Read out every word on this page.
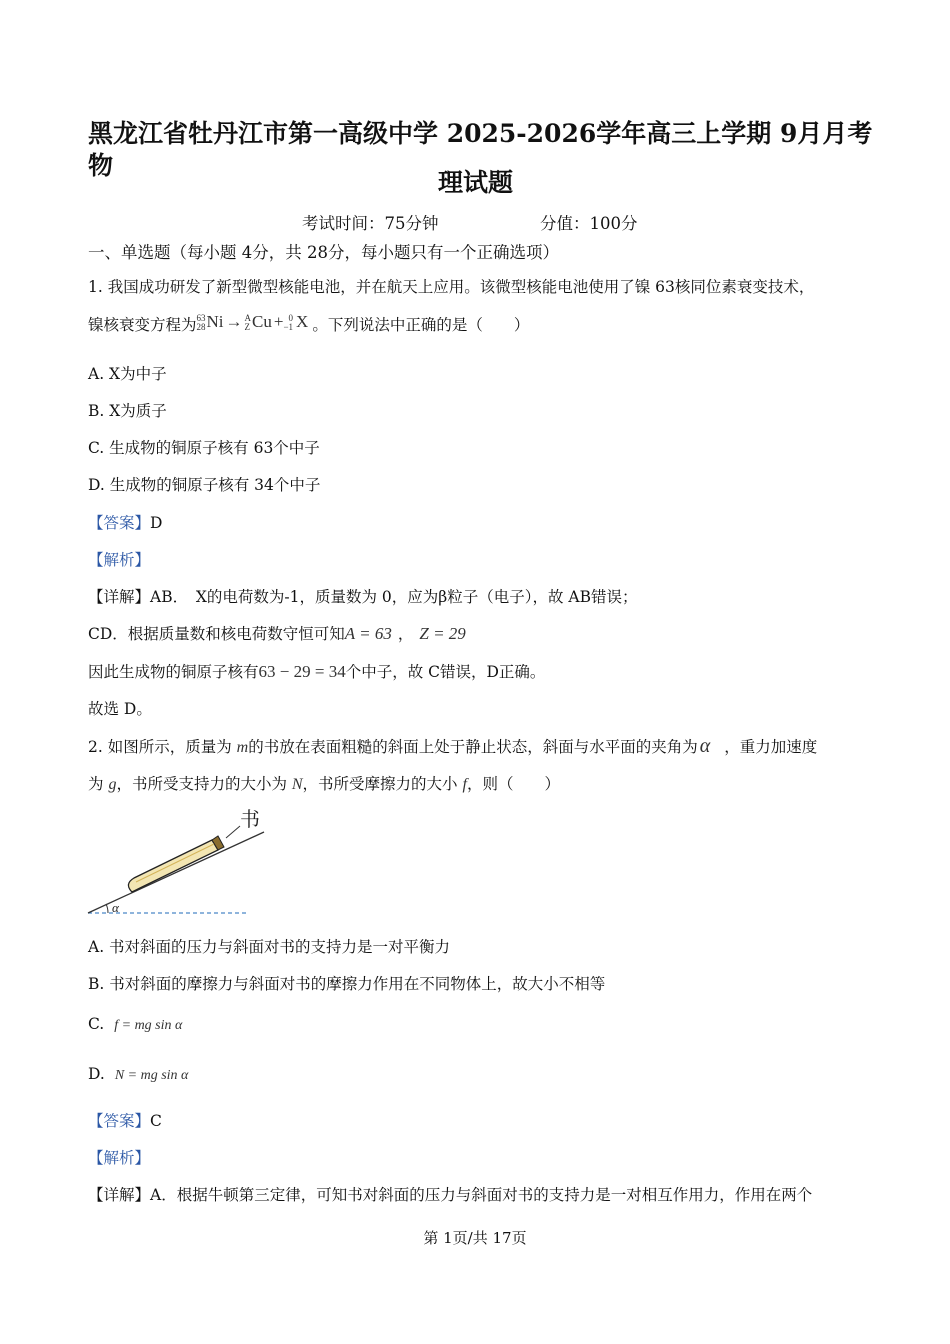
黑龙江省牡丹江市第一高级中学 2025-2026学年高三上学期 9月月考
物
理试题
考试时间：75分钟	分值：100分
一、单选题（每小题 4分，共 28分，每小题只有一个正确选项）
1. 我国成功研发了新型微型核能电池，并在航天上应用。该微型核能电池使用了镍 63核同位素衰变技术，
镍核衰变方程为 63
28 Ni → A
Z Cu + 0
−1 X 。下列说法中正确的是（　　）
A. X为中子
B. X为质子
C. 生成物的铜原子核有 63个中子
D. 生成物的铜原子核有 34个中子
【答案】D
【解析】
【详解】AB．　X的电荷数为-1，质量数为 0，应为β粒子（电子），故 AB错误；
CD．根据质量数和核电荷数守恒可知A = 63 ， Z = 29
因此生成物的铜原子核有63 − 29 = 34个中子，故 C错误，D正确。
故选 D。
2. 如图所示，质量为 m的书放在表面粗糙的斜面上处于静止状态，斜面与水平面的夹角为 α ，重力加速度
为 g，书所受支持力的大小为 N，书所受摩擦力的大小 f，则（　　）
α
书
A. 书对斜面的压力与斜面对书的支持力是一对平衡力
B. 书对斜面的摩擦力与斜面对书的摩擦力作用在不同物体上，故大小不相等
C. f = mg sin α
D. N = mg sin α
【答案】C
【解析】
【详解】A．根据牛顿第三定律，可知书对斜面的压力与斜面对书的支持力是一对相互作用力，作用在两个
第 1页/共 17页
